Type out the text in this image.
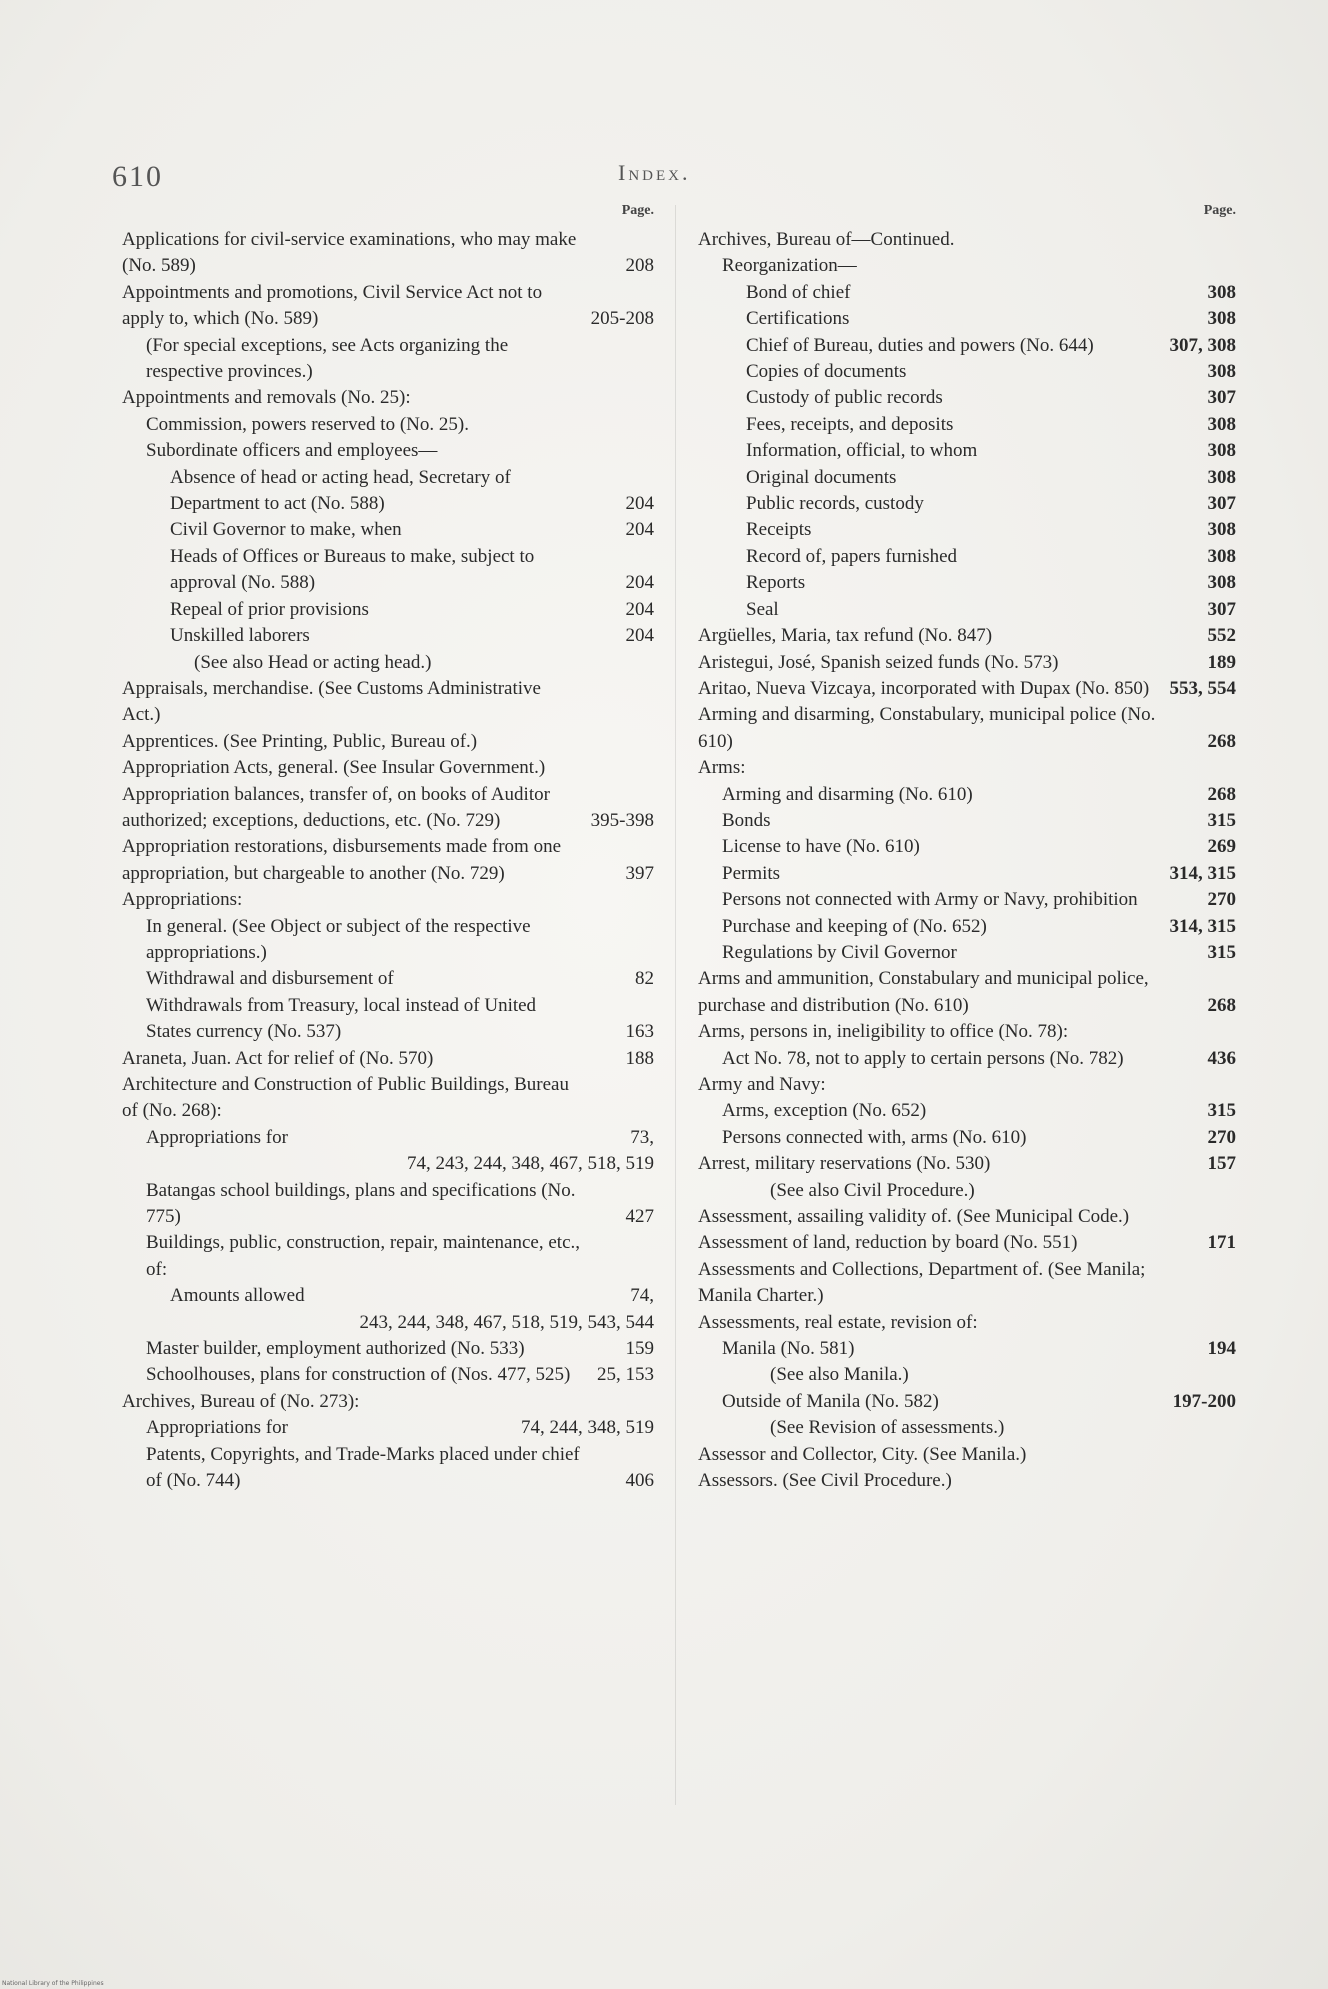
610	Index.
Page.
Applications for civil-service examinations, who may make (No. 589)	208
Appointments and promotions, Civil Service Act not to apply to, which (No. 589)	205-208
(For special exceptions, see Acts organizing the respective provinces.)
Appointments and removals (No. 25):
Commission, powers reserved to (No. 25).
Subordinate officers and employees—
Absence of head or acting head, Secretary of Department to act (No. 588)	204
Civil Governor to make, when	204
Heads of Offices or Bureaus to make, subject to approval (No. 588)	204
Repeal of prior provisions	204
Unskilled laborers	204
(See also Head or acting head.)
Appraisals, merchandise. (See Customs Administrative Act.)
Apprentices. (See Printing, Public, Bureau of.)
Appropriation Acts, general. (See Insular Government.)
Appropriation balances, transfer of, on books of Auditor authorized; exceptions, deductions, etc. (No. 729)	395-398
Appropriation restorations, disbursements made from one appropriation, but chargeable to another (No. 729)	397
Appropriations:
In general. (See Object or subject of the respective appropriations.)
Withdrawal and disbursement of	82
Withdrawals from Treasury, local instead of United States currency (No. 537)	163
Araneta, Juan. Act for relief of (No. 570)	188
Architecture and Construction of Public Buildings, Bureau of (No. 268):
Appropriations for	73,
74, 243, 244, 348, 467, 518, 519
Batangas school buildings, plans and specifications (No. 775)	427
Buildings, public, construction, repair, maintenance, etc., of:
Amounts allowed	74,
243, 244, 348, 467, 518, 519, 543, 544
Master builder, employment authorized (No. 533)	159
Schoolhouses, plans for construction of (Nos. 477, 525) 25, 153
Archives, Bureau of (No. 273):
Appropriations for	74, 244, 348, 519
Patents, Copyrights, and Trade-Marks placed under chief of (No. 744)	406
Page.
Archives, Bureau of—Continued.
Reorganization—
Bond of chief	308
Certifications	308
Chief of Bureau, duties and powers (No. 644)	307, 308
Copies of documents	308
Custody of public records	307
Fees, receipts, and deposits	308
Information, official, to whom	308
Original documents	308
Public records, custody	307
Receipts	308
Record of, papers furnished	308
Reports	308
Seal	307
Argüelles, Maria, tax refund (No. 847)	552
Aristegui, José, Spanish seized funds (No. 573)	189
Aritao, Nueva Vizcaya, incorporated with Dupax (No. 850) 553, 554
Arming and disarming, Constabulary, municipal police (No. 610)	268
Arms:
Arming and disarming (No. 610)	268
Bonds	315
License to have (No. 610)	269
Permits	314, 315
Persons not connected with Army or Navy, prohibition	270
Purchase and keeping of (No. 652)	314, 315
Regulations by Civil Governor	315
Arms and ammunition, Constabulary and municipal police, purchase and distribution (No. 610)	268
Arms, persons in, ineligibility to office (No. 78):
Act No. 78, not to apply to certain persons (No. 782)	436
Army and Navy:
Arms, exception (No. 652)	315
Persons connected with, arms (No. 610)	270
Arrest, military reservations (No. 530)	157
(See also Civil Procedure.)
Assessment, assailing validity of. (See Municipal Code.)
Assessment of land, reduction by board (No. 551)	171
Assessments and Collections, Department of. (See Manila; Manila Charter.)
Assessments, real estate, revision of:
Manila (No. 581)	194
(See also Manila.)
Outside of Manila (No. 582)	197-200
(See Revision of assessments.)
Assessor and Collector, City. (See Manila.)
Assessors. (See Civil Procedure.)
National Library of the Philippines
